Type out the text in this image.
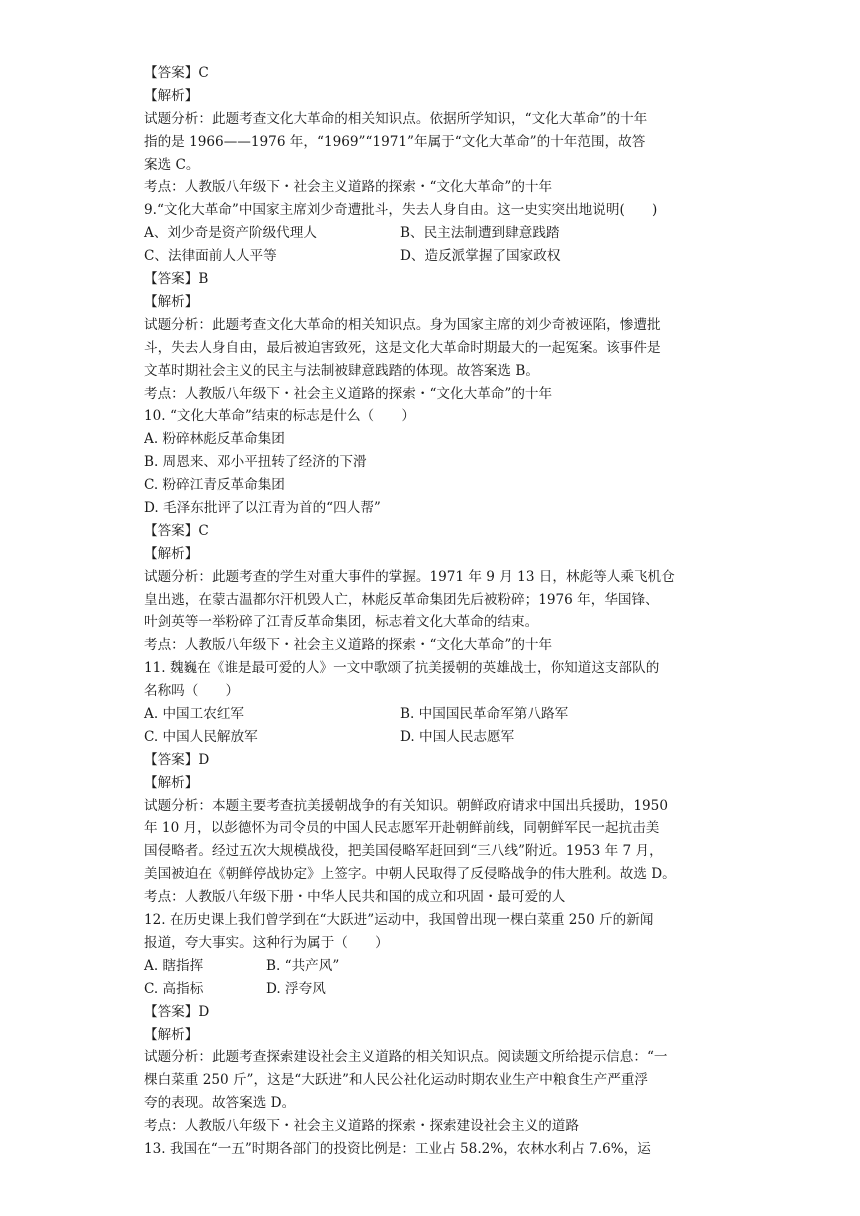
【答案】C
【解析】
试题分析：此题考查文化大革命的相关知识点。依据所学知识，“文化大革命”的十年
指的是 1966——1976 年，“1969”“1971”年属于“文化大革命”的十年范围，故答
案选 C。
考点：人教版八年级下・社会主义道路的探索・“文化大革命”的十年
9.“文化大革命”中国家主席刘少奇遭批斗，失去人身自由。这一史实突出地说明(　　)
A、刘少奇是资产阶级代理人	B、民主法制遭到肆意践踏
C、法律面前人人平等	D、造反派掌握了国家政权
【答案】B
【解析】
试题分析：此题考查文化大革命的相关知识点。身为国家主席的刘少奇被诬陷，惨遭批
斗，失去人身自由，最后被迫害致死，这是文化大革命时期最大的一起冤案。该事件是
文革时期社会主义的民主与法制被肆意践踏的体现。故答案选 B。
考点：人教版八年级下・社会主义道路的探索・“文化大革命”的十年
10. “文化大革命”结束的标志是什么（　　）
A. 粉碎林彪反革命集团
B. 周恩来、邓小平扭转了经济的下滑
C. 粉碎江青反革命集团
D. 毛泽东批评了以江青为首的“四人帮”
【答案】C
【解析】
试题分析：此题考查的学生对重大事件的掌握。1971 年 9 月 13 日，林彪等人乘飞机仓
皇出逃，在蒙古温都尔汗机毁人亡，林彪反革命集团先后被粉碎；1976 年，华国锋、
叶剑英等一举粉碎了江青反革命集团，标志着文化大革命的结束。
考点：人教版八年级下・社会主义道路的探索・“文化大革命”的十年
11. 魏巍在《谁是最可爱的人》一文中歌颂了抗美援朝的英雄战士，你知道这支部队的
名称吗（　　）
A. 中国工农红军	B. 中国国民革命军第八路军
C. 中国人民解放军	D. 中国人民志愿军
【答案】D
【解析】
试题分析：本题主要考查抗美援朝战争的有关知识。朝鲜政府请求中国出兵援助，1950
年 10 月，以彭德怀为司令员的中国人民志愿军开赴朝鲜前线，同朝鲜军民一起抗击美
国侵略者。经过五次大规模战役，把美国侵略军赶回到“三八线”附近。1953 年 7 月，
美国被迫在《朝鲜停战协定》上签字。中朝人民取得了反侵略战争的伟大胜利。故选 D。
考点：人教版八年级下册・中华人民共和国的成立和巩固・最可爱的人
12. 在历史课上我们曾学到在“大跃进”运动中，我国曾出现一棵白菜重 250 斤的新闻
报道，夸大事实。这种行为属于（　　）
A. 瞎指挥	B. “共产风”
C. 高指标	D. 浮夸风
【答案】D
【解析】
试题分析：此题考查探索建设社会主义道路的相关知识点。阅读题文所给提示信息：“一
棵白菜重 250 斤”，这是“大跃进”和人民公社化运动时期农业生产中粮食生产严重浮
夸的表现。故答案选 D。
考点：人教版八年级下・社会主义道路的探索・探索建设社会主义的道路
13. 我国在“一五”时期各部门的投资比例是：工业占 58.2%，农林水利占 7.6%，运
